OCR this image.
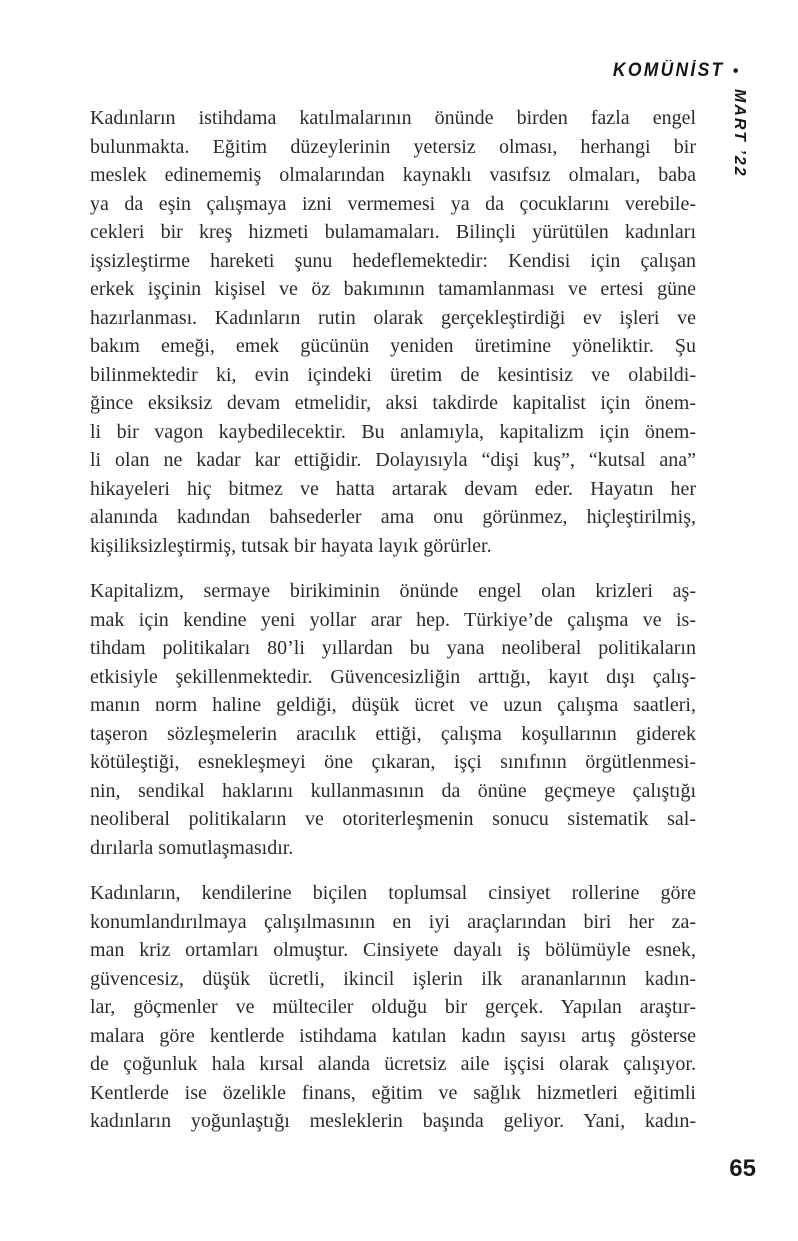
KOMÜNİST •
MART ’22
Kadınların istihdama katılmalarının önünde birden fazla engel
bulunmakta. Eğitim düzeylerinin yetersiz olması, herhangi bir
meslek edinememiş olmalarından kaynaklı vasıfsız olmaları, baba
ya da eşin çalışmaya izni vermemesi ya da çocuklarını verebile-
cekleri bir kreş hizmeti bulamamaları. Bilinçli yürütülen kadınları
işsizleştirme hareketi şunu hedeflemektedir: Kendisi için çalışan
erkek işçinin kişisel ve öz bakımının tamamlanması ve ertesi güne
hazırlanması. Kadınların rutin olarak gerçekleştirdiği ev işleri ve
bakım emeği, emek gücünün yeniden üretimine yöneliktir. Şu
bilinmektedir ki, evin içindeki üretim de kesintisiz ve olabildi-
ğince eksiksiz devam etmelidir, aksi takdirde kapitalist için önem-
li bir vagon kaybedilecektir. Bu anlamıyla, kapitalizm için önem-
li olan ne kadar kar ettiğidir. Dolayısıyla “dişi kuş”, “kutsal ana”
hikayeleri hiç bitmez ve hatta artarak devam eder. Hayatın her
alanında kadından bahsederler ama onu görünmez, hiçleştirilmiş,
kişiliksizleştirmiş, tutsak bir hayata layık görürler.
Kapitalizm, sermaye birikiminin önünde engel olan krizleri aş-
mak için kendine yeni yollar arar hep. Türkiye’de çalışma ve is-
tihdam politikaları 80’li yıllardan bu yana neoliberal politikaların
etkisiyle şekillenmektedir. Güvencesizliğin arttığı, kayıt dışı çalış-
manın norm haline geldiği, düşük ücret ve uzun çalışma saatleri,
taşeron sözleşmelerin aracılık ettiği, çalışma koşullarının giderek
kötüleştiği, esnekleşmeyi öne çıkaran, işçi sınıfının örgütlenmesi-
nin, sendikal haklarını kullanmasının da önüne geçmeye çalıştığı
neoliberal politikaların ve otoriterleşmenin sonucu sistematik sal-
dırılarla somutlaşmasıdır.
Kadınların, kendilerine biçilen toplumsal cinsiyet rollerine göre
konumlandırılmaya çalışılmasının en iyi araçlarından biri her za-
man kriz ortamları olmuştur. Cinsiyete dayalı iş bölümüyle esnek,
güvencesiz, düşük ücretli, ikincil işlerin ilk arananlarının kadın-
lar, göçmenler ve mülteciler olduğu bir gerçek. Yapılan araştır-
malara göre kentlerde istihdama katılan kadın sayısı artış gösterse
de çoğunluk hala kırsal alanda ücretsiz aile işçisi olarak çalışıyor.
Kentlerde ise özelikle finans, eğitim ve sağlık hizmetleri eğitimli
kadınların yoğunlaştığı mesleklerin başında geliyor. Yani, kadın-
65
